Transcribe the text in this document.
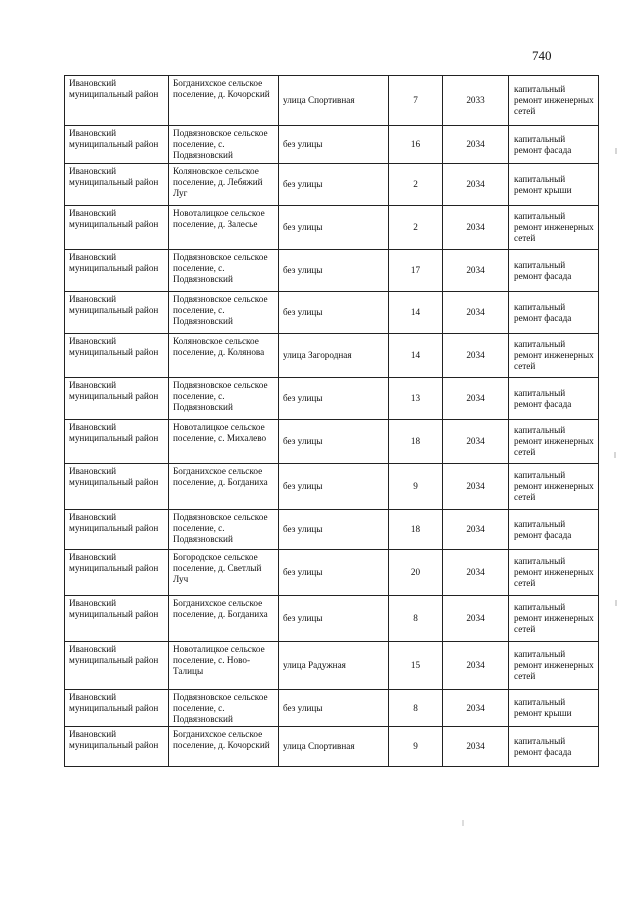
740
Ивановский муниципальный район	Богданихское сельское поселение, д. Кочорский	улица Спортивная	7	2033	капитальный ремонт инженерных сетей
Ивановский муниципальный район	Подвязновское сельское поселение, с. Подвязновский	без улицы	16	2034	капитальный ремонт фасада
Ивановский муниципальный район	Коляновское сельское поселение, д. Лебяжий Луг	без улицы	2	2034	капитальный ремонт крыши
Ивановский муниципальный район	Новоталицкое сельское поселение, д. Залесье	без улицы	2	2034	капитальный ремонт инженерных сетей
Ивановский муниципальный район	Подвязновское сельское поселение, с. Подвязновский	без улицы	17	2034	капитальный ремонт фасада
Ивановский муниципальный район	Подвязновское сельское поселение, с. Подвязновский	без улицы	14	2034	капитальный ремонт фасада
Ивановский муниципальный район	Коляновское сельское поселение, д. Колянова	улица Загородная	14	2034	капитальный ремонт инженерных сетей
Ивановский муниципальный район	Подвязновское сельское поселение, с. Подвязновский	без улицы	13	2034	капитальный ремонт фасада
Ивановский муниципальный район	Новоталицкое сельское поселение, с. Михалево	без улицы	18	2034	капитальный ремонт инженерных сетей
Ивановский муниципальный район	Богданихское сельское поселение, д. Богданиха	без улицы	9	2034	капитальный ремонт инженерных сетей
Ивановский муниципальный район	Подвязновское сельское поселение, с. Подвязновский	без улицы	18	2034	капитальный ремонт фасада
Ивановский муниципальный район	Богородское сельское поселение, д. Светлый Луч	без улицы	20	2034	капитальный ремонт инженерных сетей
Ивановский муниципальный район	Богданихское сельское поселение, д. Богданиха	без улицы	8	2034	капитальный ремонт инженерных сетей
Ивановский муниципальный район	Новоталицкое сельское поселение, с. Ново-Талицы	улица Радужная	15	2034	капитальный ремонт инженерных сетей
Ивановский муниципальный район	Подвязновское сельское поселение, с. Подвязновский	без улицы	8	2034	капитальный ремонт крыши
Ивановский муниципальный район	Богданихское сельское поселение, д. Кочорский	улица Спортивная	9	2034	капитальный ремонт фасада
